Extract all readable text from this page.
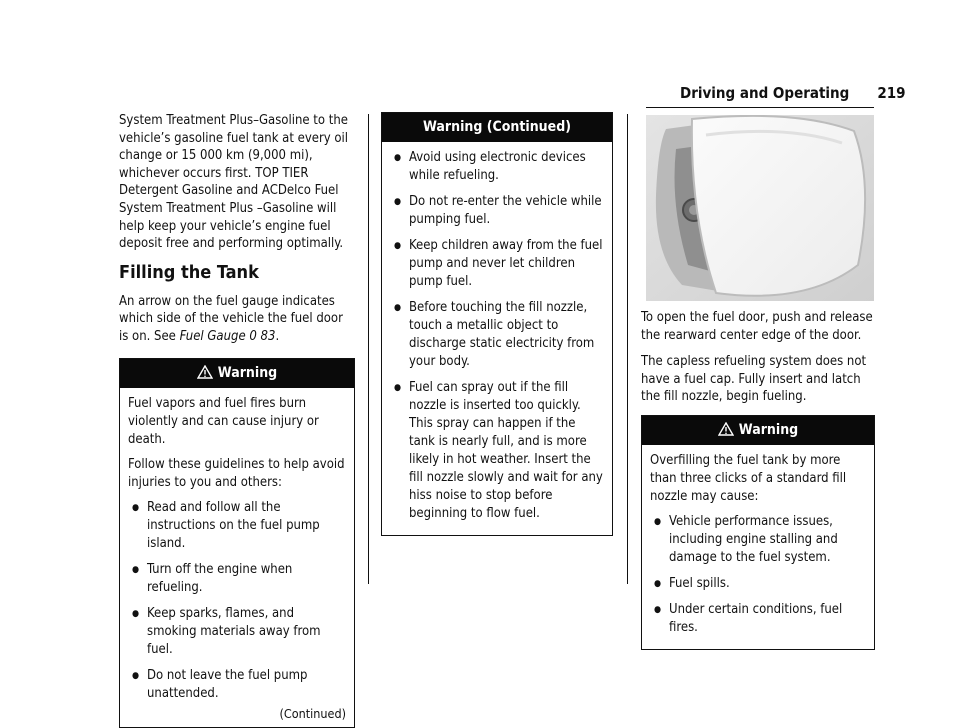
Driving and Operating 219

System Treatment Plus–Gasoline to the vehicle’s gasoline fuel tank at every oil change or 15 000 km (9,000 mi), whichever occurs first. TOP TIER Detergent Gasoline and ACDelco Fuel System Treatment Plus –Gasoline will help keep your vehicle’s engine fuel deposit free and performing optimally.

Filling the Tank

An arrow on the fuel gauge indicates which side of the vehicle the fuel door is on. See Fuel Gauge 0 83.

Warning

Fuel vapors and fuel fires burn violently and can cause injury or death.

Follow these guidelines to help avoid injuries to you and others:

● Read and follow all the instructions on the fuel pump island.
● Turn off the engine when refueling.
● Keep sparks, flames, and smoking materials away from fuel.
● Do not leave the fuel pump unattended.
(Continued)
Warning (Continued)
● Avoid using electronic devices while refueling.
● Do not re-enter the vehicle while pumping fuel.
● Keep children away from the fuel pump and never let children pump fuel.
● Before touching the fill nozzle, touch a metallic object to discharge static electricity from your body.
● Fuel can spray out if the fill nozzle is inserted too quickly. This spray can happen if the tank is nearly full, and is more likely in hot weather. Insert the fill nozzle slowly and wait for any hiss noise to stop before beginning to flow fuel.

To open the fuel door, push and release the rearward center edge of the door.

The capless refueling system does not have a fuel cap. Fully insert and latch the fill nozzle, begin fueling.

Warning

Overfilling the fuel tank by more than three clicks of a standard fill nozzle may cause:

● Vehicle performance issues, including engine stalling and damage to the fuel system.
● Fuel spills.
● Under certain conditions, fuel fires.
